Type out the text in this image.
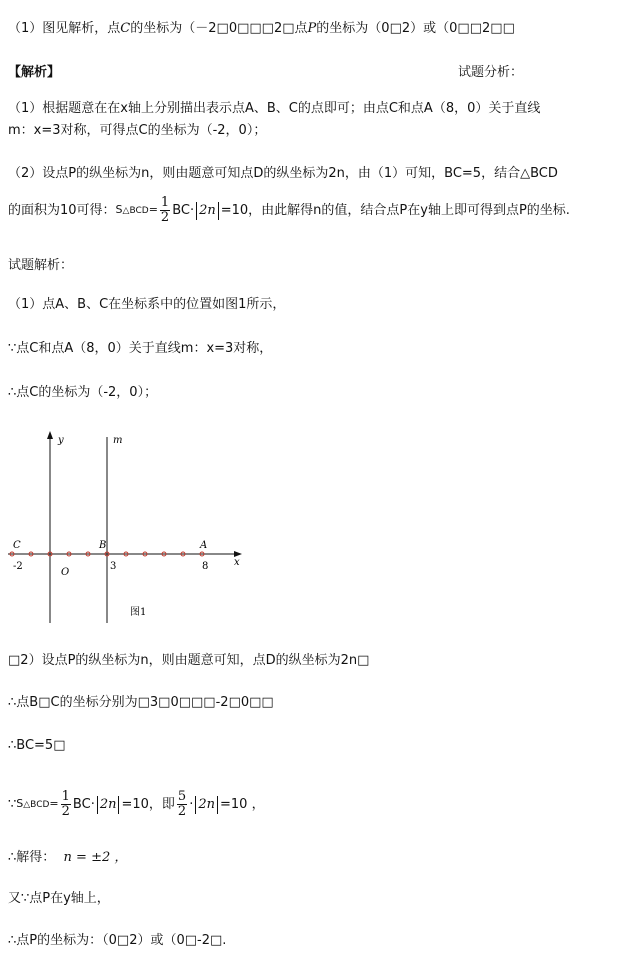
（1）图见解析，点C的坐标为（－2□0□□□2□点P的坐标为（0□2）或（0□□2□□
【解析】	试题分析：
（1）根据题意在在x轴上分别描出表示点A、B、C的点即可；由点C和点A（8，0）关于直线
m：x=3对称，可得点C的坐标为（-2，0）；
（2）设点P的纵坐标为n，则由题意可知点D的纵坐标为2n，由（1）可知，BC=5，结合△BCD
的面积为10可得： S△BCD= $\frac{1}{2} BC\cdot 2n =10$，由此解得n的值，结合点P在y轴上即可得到点P的坐标.
试题解析：
（1）点A、B、C在坐标系中的位置如图1所示，
∵点C和点A（8，0）关于直线m：x=3对称，
∴点C的坐标为（-2，0）；
y	m
x
C	B	A
-2
O
3	8
图1
□2）设点P的纵坐标为n，则由题意可知，点D的纵坐标为2n□
∴点B□C的坐标分别为□3□0□□□-2□0□□
∴BC=5□
∵ S△BCD= $\frac{1}{2} BC\cdot 2n =10$，即 $\frac{5}{2} \cdot 2n =10$ ，
∴解得： n = ±2 ，
又∵点P在y轴上，
∴点P的坐标为：（0□2）或（0□-2□.
